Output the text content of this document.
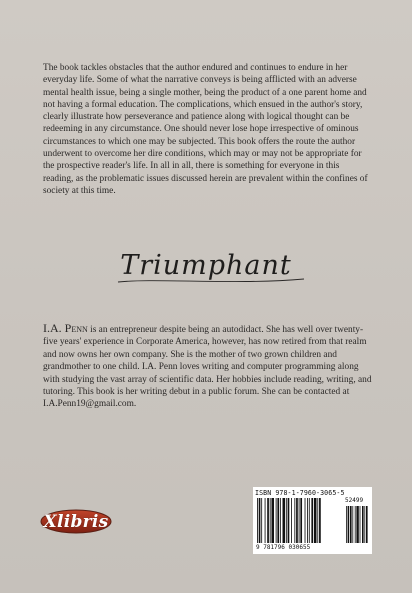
The book tackles obstacles that the author endured and continues to endure in her everyday life. Some of what the narrative conveys is being afflicted with an adverse mental health issue, being a single mother, being the product of a one parent home and not having a formal education. The complications, which ensued in the author's story, clearly illustrate how perseverance and patience along with logical thought can be redeeming in any circumstance. One should never lose hope irrespective of ominous circumstances to which one may be subjected. This book offers the route the author underwent to overcome her dire conditions, which may or may not be appropriate for the prospective reader's life. In all in all, there is something for everyone in this reading, as the problematic issues discussed herein are prevalent within the confines of society at this time.

Triumphant

I.A. Penn is an entrepreneur despite being an autodidact. She has well over twenty-five years' experience in Corporate America, however, has now retired from that realm and now owns her own company. She is the mother of two grown children and grandmother to one child. I.A. Penn loves writing and computer programming along with studying the vast array of scientific data. Her hobbies include reading, writing, and tutoring. This book is her writing debut in a public forum. She can be contacted at I.A.Penn19@gmail.com.

Xlibris
ISBN 978-1-7960-3065-5
9 781796 030655
52499
